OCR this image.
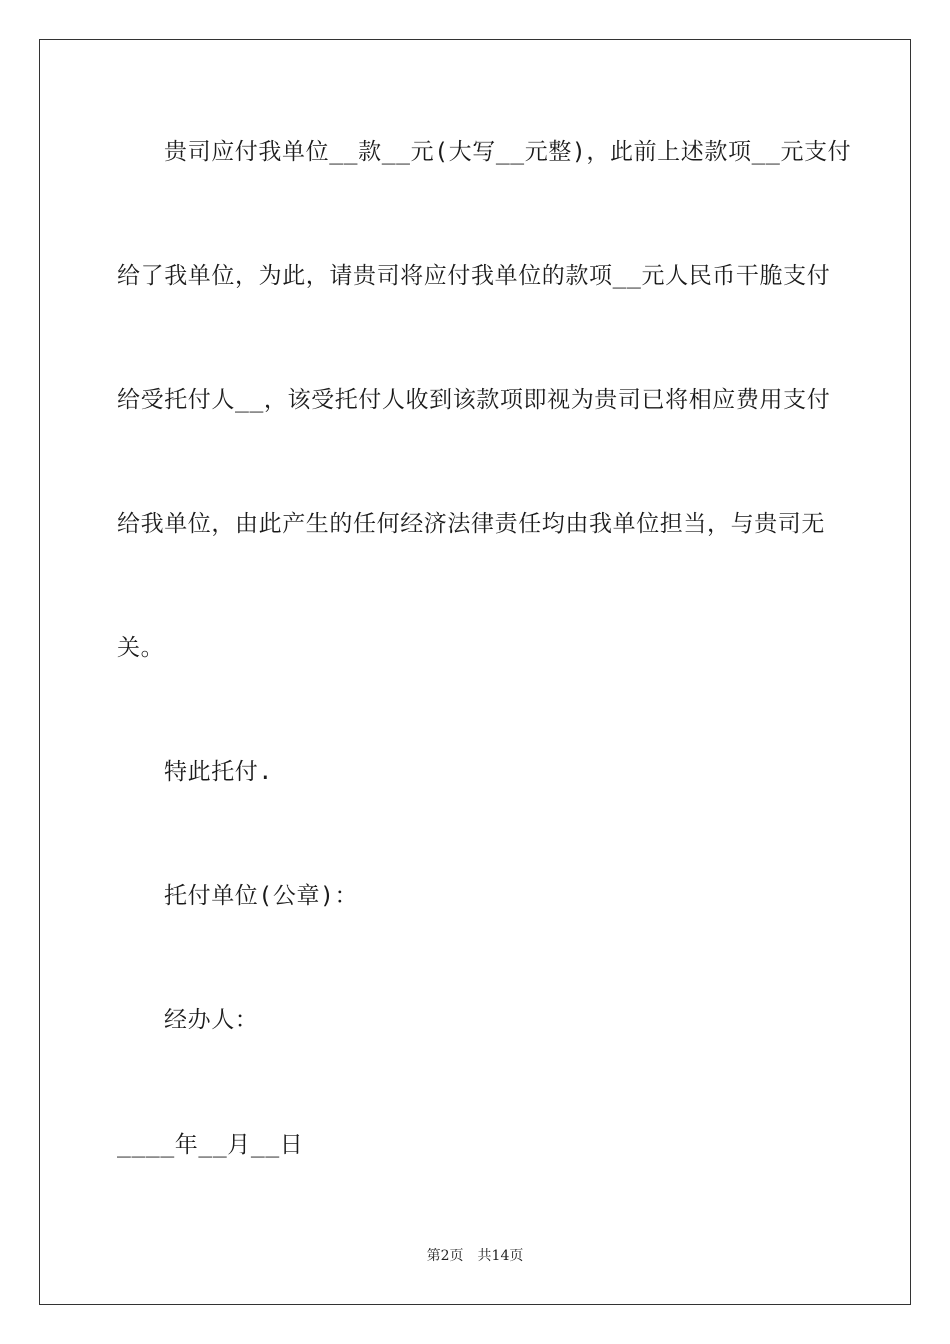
贵司应付我单位__款__元(大写__元整)，此前上述款项__元支付
给了我单位，为此，请贵司将应付我单位的款项__元人民币干脆支付
给受托付人__，该受托付人收到该款项即视为贵司已将相应费用支付
给我单位，由此产生的任何经济法律责任均由我单位担当，与贵司无
关。
特此托付.
托付单位(公章)：
经办人：
____年__月__日
第2页 共14页
